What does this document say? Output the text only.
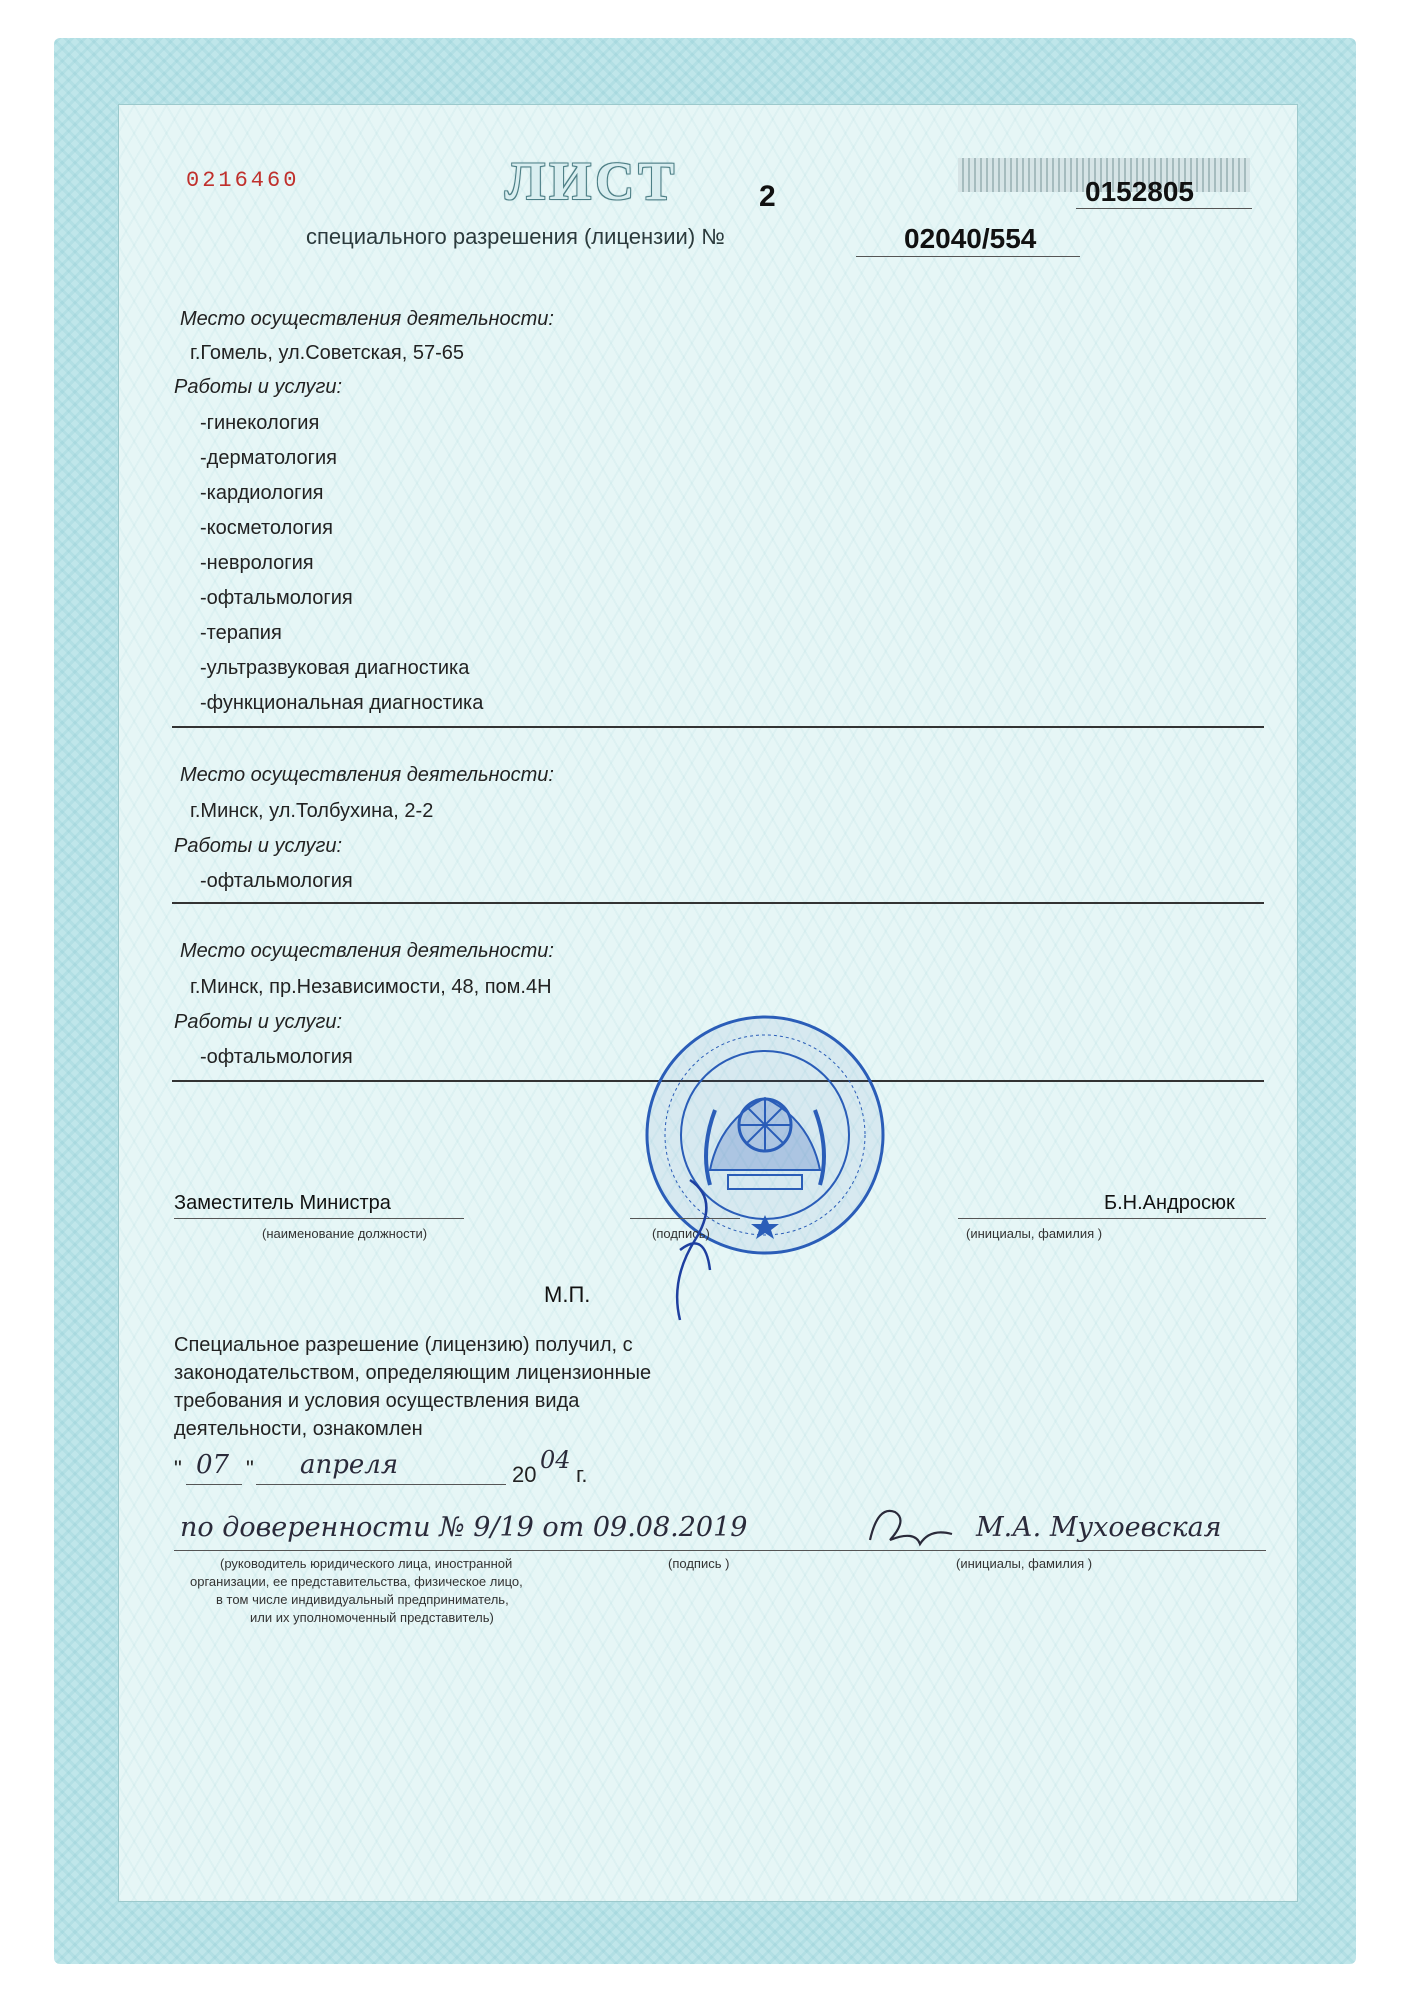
0216460	ЛИСТ	2	0152805
специального разрешения (лицензии) №	02040/554
Место осуществления деятельности:
г.Гомель, ул.Советская, 57-65
Работы и услуги:
-гинекология
-дерматология
-кардиология
-косметология
-неврология
-офтальмология
-терапия
-ультразвуковая диагностика
-функциональная диагностика
Место осуществления деятельности:
г.Минск, ул.Толбухина, 2-2
Работы и услуги:
-офтальмология
Место осуществления деятельности:
г.Минск, пр.Независимости, 48, пом.4Н
Работы и услуги:
-офтальмология
Заместитель Министра
(наименование должности)	(подпись)
Б.Н.Андросюк
(инициалы, фамилия )
М.П.
Специальное разрешение (лицензию) получил, с
законодательством, определяющим лицензионные
требования и условия осуществления вида
деятельности, ознакомлен
" 07 " апреля	20
04
г.
по доверенности № 9/19 от 09.08.2019	М.А. Мухоевская
(руководитель юридического лица, иностранной
организации, ее представительства, физическое лицо,
в том числе индивидуальный предприниматель,
или их уполномоченный представитель)
(подпись )	(инициалы, фамилия )
